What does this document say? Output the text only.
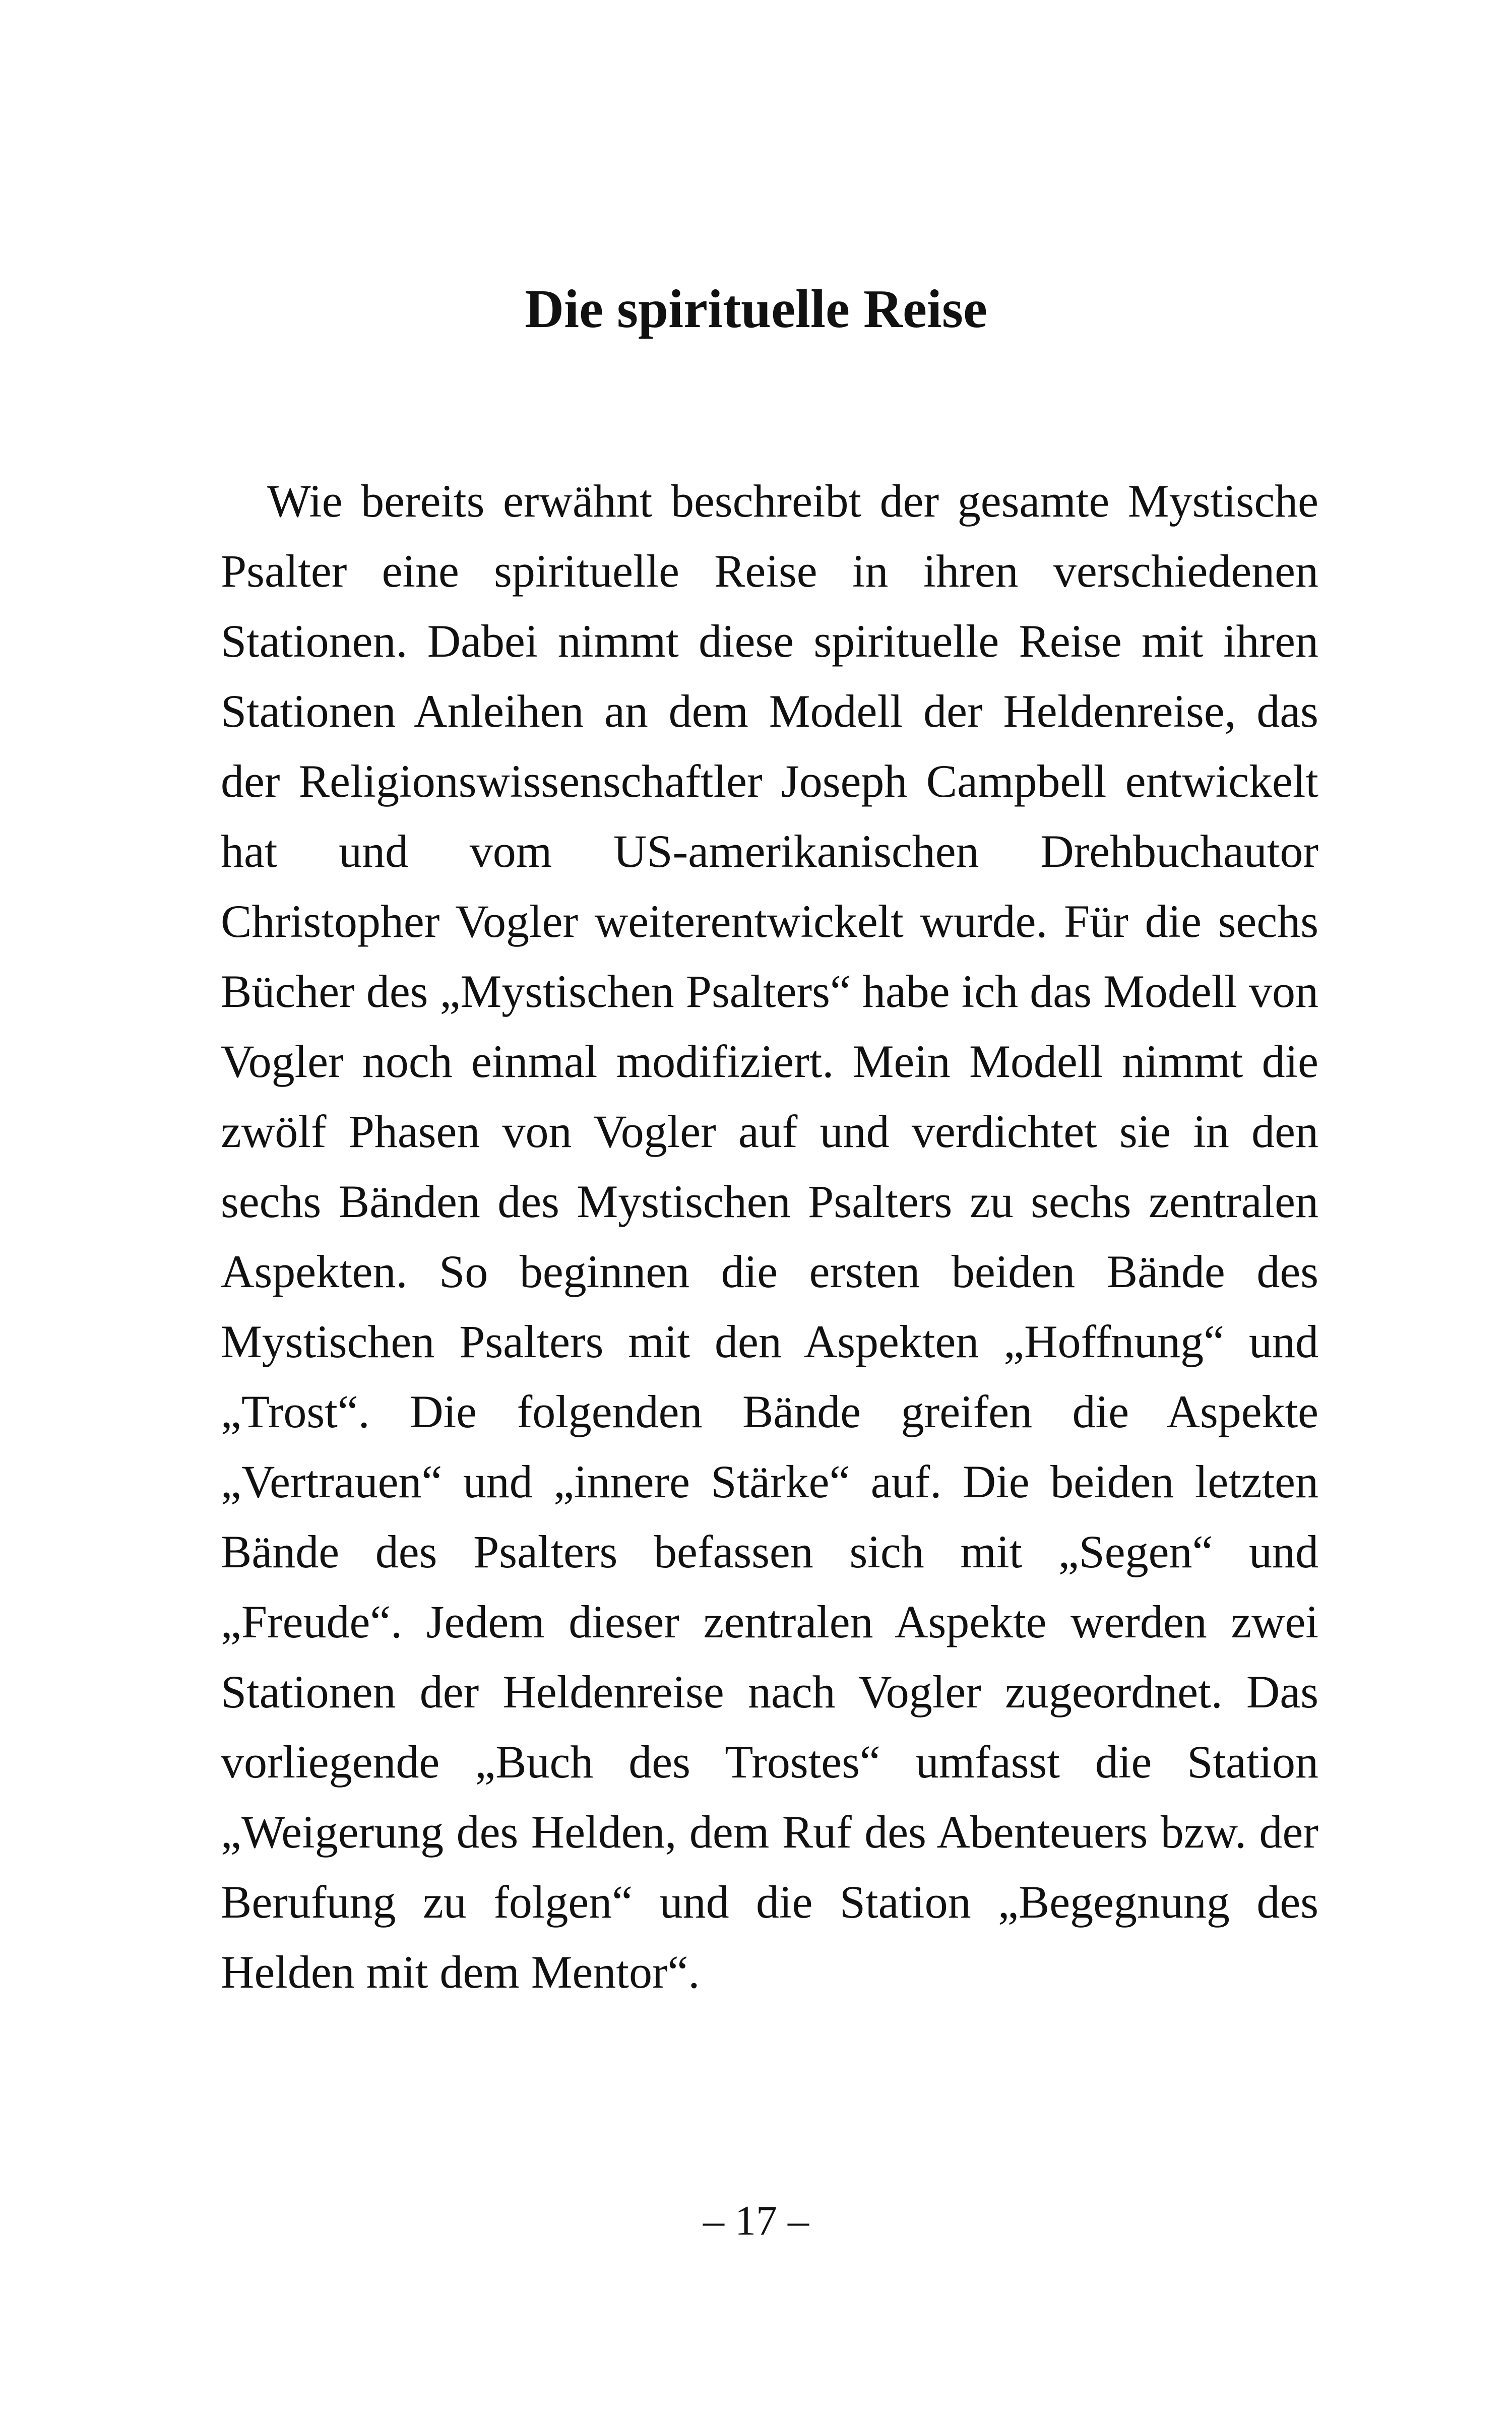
Die spirituelle Reise

Wie bereits erwähnt beschreibt der gesamte Mystische Psalter eine spirituelle Reise in ihren verschiedenen Stationen. Dabei nimmt diese spirituelle Reise mit ihren Stationen Anleihen an dem Modell der Heldenreise, das der Religionswissenschaftler Joseph Campbell entwickelt hat und vom US-amerikanischen Drehbuchautor Christopher Vogler weiterentwickelt wurde. Für die sechs Bücher des „Mystischen Psalters“ habe ich das Modell von Vogler noch einmal modifiziert. Mein Modell nimmt die zwölf Phasen von Vogler auf und verdichtet sie in den sechs Bänden des Mystischen Psalters zu sechs zentralen Aspekten. So beginnen die ersten beiden Bände des Mystischen Psalters mit den Aspekten „Hoffnung“ und „Trost“. Die folgenden Bände greifen die Aspekte „Vertrauen“ und „innere Stärke“ auf. Die beiden letzten Bände des Psalters befassen sich mit „Segen“ und „Freude“. Jedem dieser zentralen Aspekte werden zwei Stationen der Heldenreise nach Vogler zugeordnet. Das vorliegende „Buch des Trostes“ umfasst die Station „Weigerung des Helden, dem Ruf des Abenteuers bzw. der Berufung zu folgen“ und die Station „Begegnung des Helden mit dem Mentor“.

– 17 –
